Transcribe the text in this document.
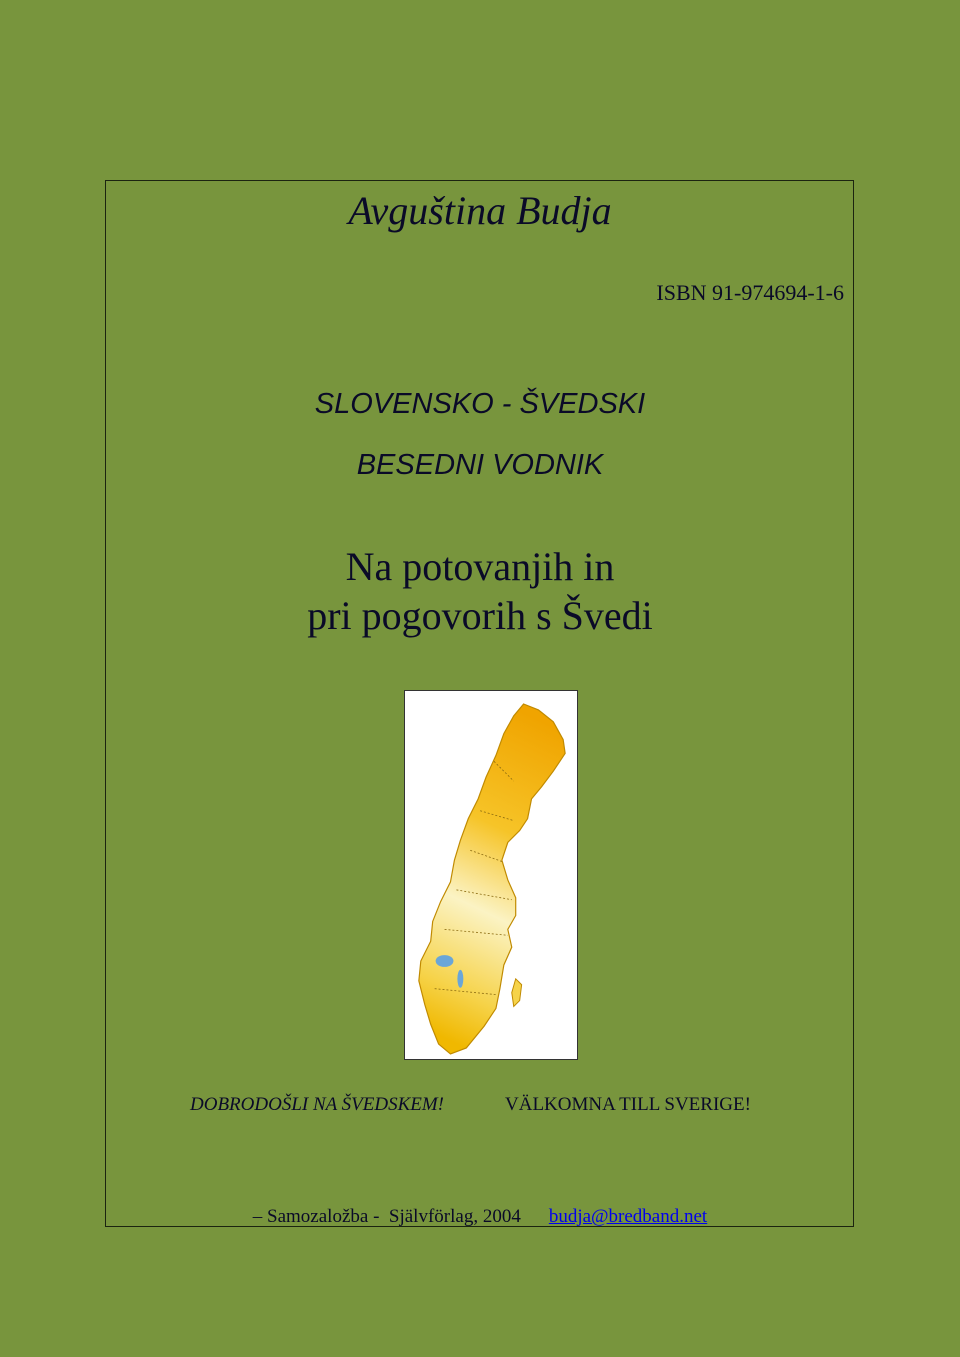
Avguština Budja
ISBN 91-974694-1-6
SLOVENSKO - ŠVEDSKI
BESEDNI VODNIK
Na potovanjih in
pri pogovorih s Švedi
DOBRODOŠLI NA ŠVEDSKEM!	VÄLKOMNA TILL SVERIGE!
– Samozaložba -  Självförlag, 2004 budja@bredband.net
